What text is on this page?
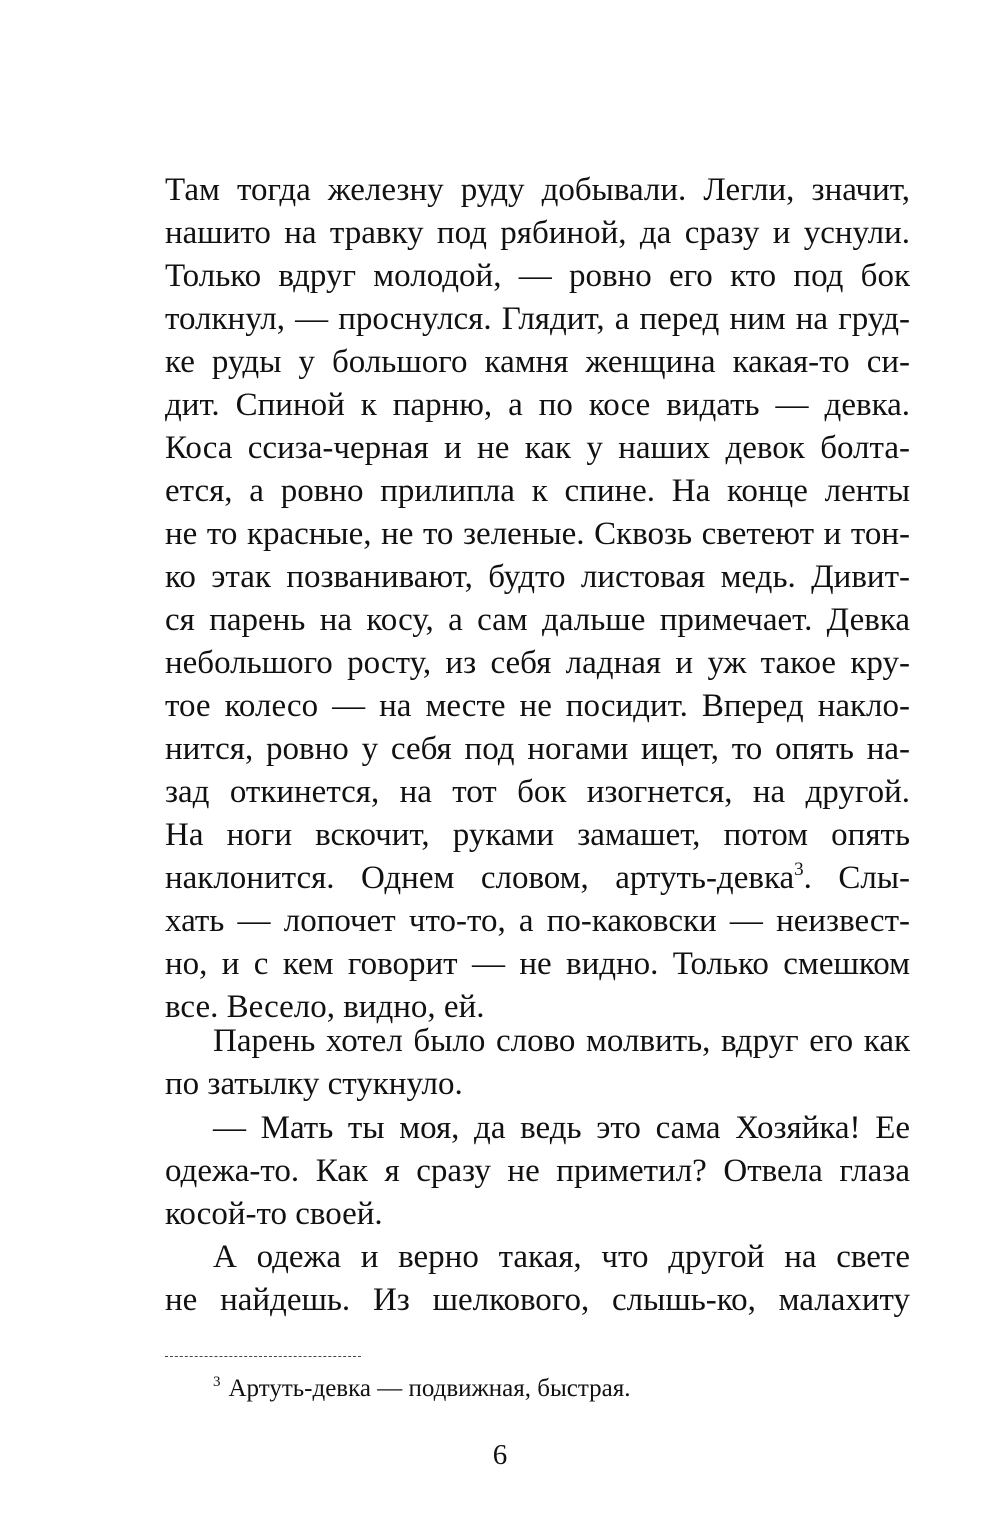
Там тогда железну руду добывали. Легли, значит,
нашито на травку под рябиной, да сразу и уснули.
Только вдруг молодой, — ровно его кто под бок
толкнул, — проснулся. Глядит, а перед ним на груд-
ке руды у большого камня женщина какая-то си-
дит. Спиной к парню, а по косе видать — девка.
Коса ссиза-черная и не как у наших девок болта-
ется, а ровно прилипла к спине. На конце ленты
не то красные, не то зеленые. Сквозь светеют и тон-
ко этак позванивают, будто листовая медь. Дивит-
ся парень на косу, а сам дальше примечает. Девка
небольшого росту, из себя ладная и уж такое кру-
тое колесо — на месте не посидит. Вперед накло-
нится, ровно у себя под ногами ищет, то опять на-
зад откинется, на тот бок изогнется, на другой.
На ноги вскочит, руками замашет, потом опять
наклонится. Однем словом, артуть-девка$^3$. Слы-
хать — лопочет что-то, а по-каковски — неизвест-
но, и с кем говорит — не видно. Только смешком
все. Весело, видно, ей.
Парень хотел было слово молвить, вдруг его как
по затылку стукнуло.
— Мать ты моя, да ведь это сама Хозяйка! Ее
одежа-то. Как я сразу не приметил? Отвела глаза
косой-то своей.
А одежа и верно такая, что другой на свете
не найдешь. Из шелкового, слышь-ко, малахиту
$^3$ Артуть-девка — подвижная, быстрая.
6
